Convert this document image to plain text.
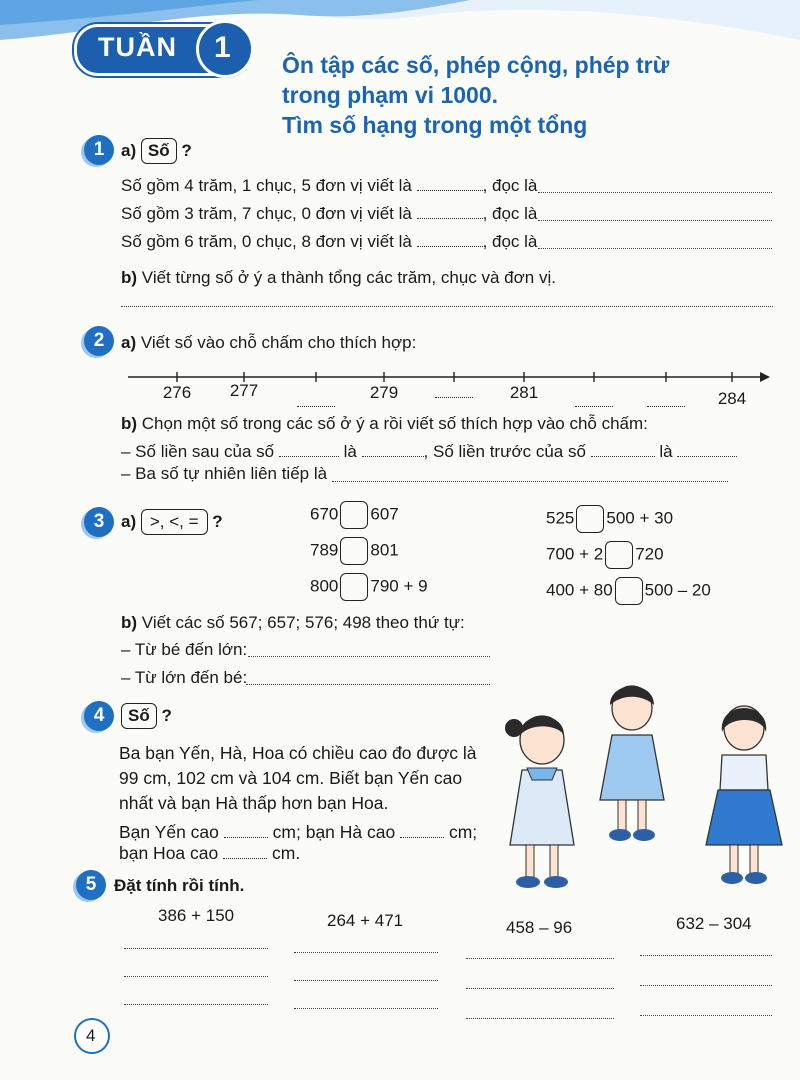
TUẦN 1
Ôn tập các số, phép cộng, phép trừ
trong phạm vi 1000.
Tìm số hạng trong một tổng
1 a) Số ?
Số gồm 4 trăm, 1 chục, 5 đơn vị viết là	, đọc là
Số gồm 3 trăm, 7 chục, 0 đơn vị viết là	, đọc là
Số gồm 6 trăm, 0 chục, 8 đơn vị viết là	, đọc là
b) Viết từng số ở ý a thành tổng các trăm, chục và đơn vị.
2 a) Viết số vào chỗ chấm cho thích hợp:
276	277	279	281	284
b) Chọn một số trong các số ở ý a rồi viết số thích hợp vào chỗ chấm:
– Số liền sau của số	là	, Số liền trước của số	là
– Ba số tự nhiên liên tiếp là
3 a) >, <, = ?	670 607
789 801
800 790 + 9
525 500 + 30
700 + 2 720
400 + 80 500 – 20
b) Viết các số 567; 657; 576; 498 theo thứ tự:
– Từ bé đến lớn:
– Từ lớn đến bé:
4	Số ?
Ba bạn Yến, Hà, Hoa có chiều cao đo được là
99 cm, 102 cm và 104 cm. Biết bạn Yến cao
nhất và bạn Hà thấp hơn bạn Hoa.
Bạn Yến cao	cm; bạn Hà cao	cm;
bạn Hoa cao	cm.
5	Đặt tính rồi tính.
386 + 150	264 + 471	458 – 96	632 – 304
4
